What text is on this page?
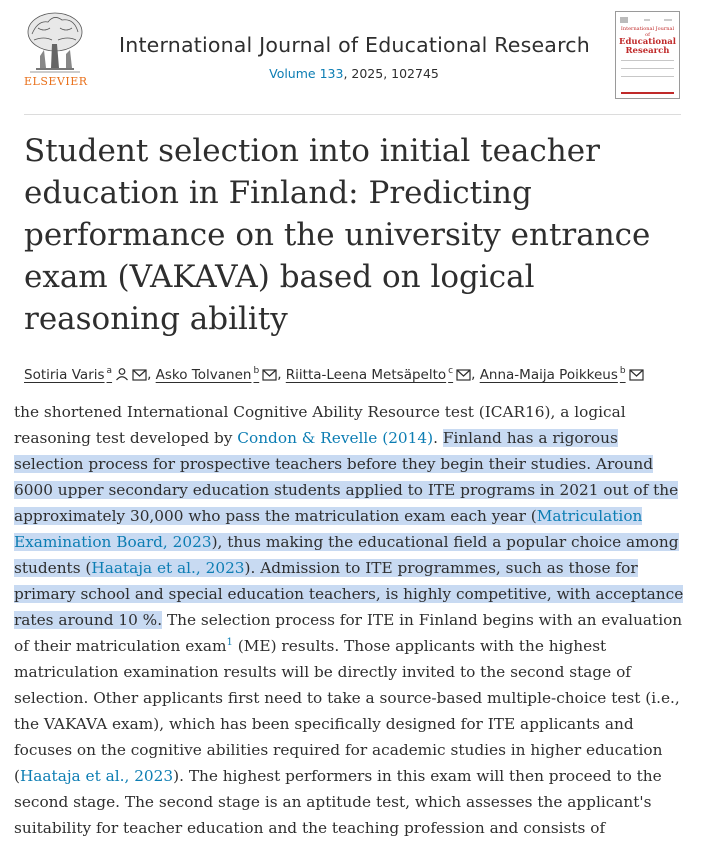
ELSEVIER
International Journal of Educational Research
Volume 133, 2025, 102745
International Journal of
Educational
Research
Student selection into initial teacher education in Finland: Predicting performance on the university entrance exam (VAKAVA) based on logical reasoning ability
Sotiria Varis $^a$	, Asko Tolvanen $^b$ , Riitta-Leena Metsäpelto $^c$ , Anna-Maija Poikkeus $^b$

the shortened International Cognitive Ability Resource test (ICAR16), a logical reasoning test developed by Condon & Revelle (2014). Finland has a rigorous selection process for prospective teachers before they begin their studies. Around 6000 upper secondary education students applied to ITE programs in 2021 out of the approximately 30,000 who pass the matriculation exam each year (Matriculation Examination Board, 2023), thus making the educational field a popular choice among students (Haataja et al., 2023). Admission to ITE programmes, such as those for primary school and special education teachers, is highly competitive, with acceptance rates around 10 %. The selection process for ITE in Finland begins with an evaluation of their matriculation exam$^1$ (ME) results. Those applicants with the highest matriculation examination results will be directly invited to the second stage of selection. Other applicants first need to take a source-based multiple-choice test (i.e., the VAKAVA exam), which has been specifically designed for ITE applicants and focuses on the cognitive abilities required for academic studies in higher education (Haataja et al., 2023). The highest performers in this exam will then proceed to the second stage. The second stage is an aptitude test, which assesses the applicant's suitability for teacher education and the teaching profession and consists of
